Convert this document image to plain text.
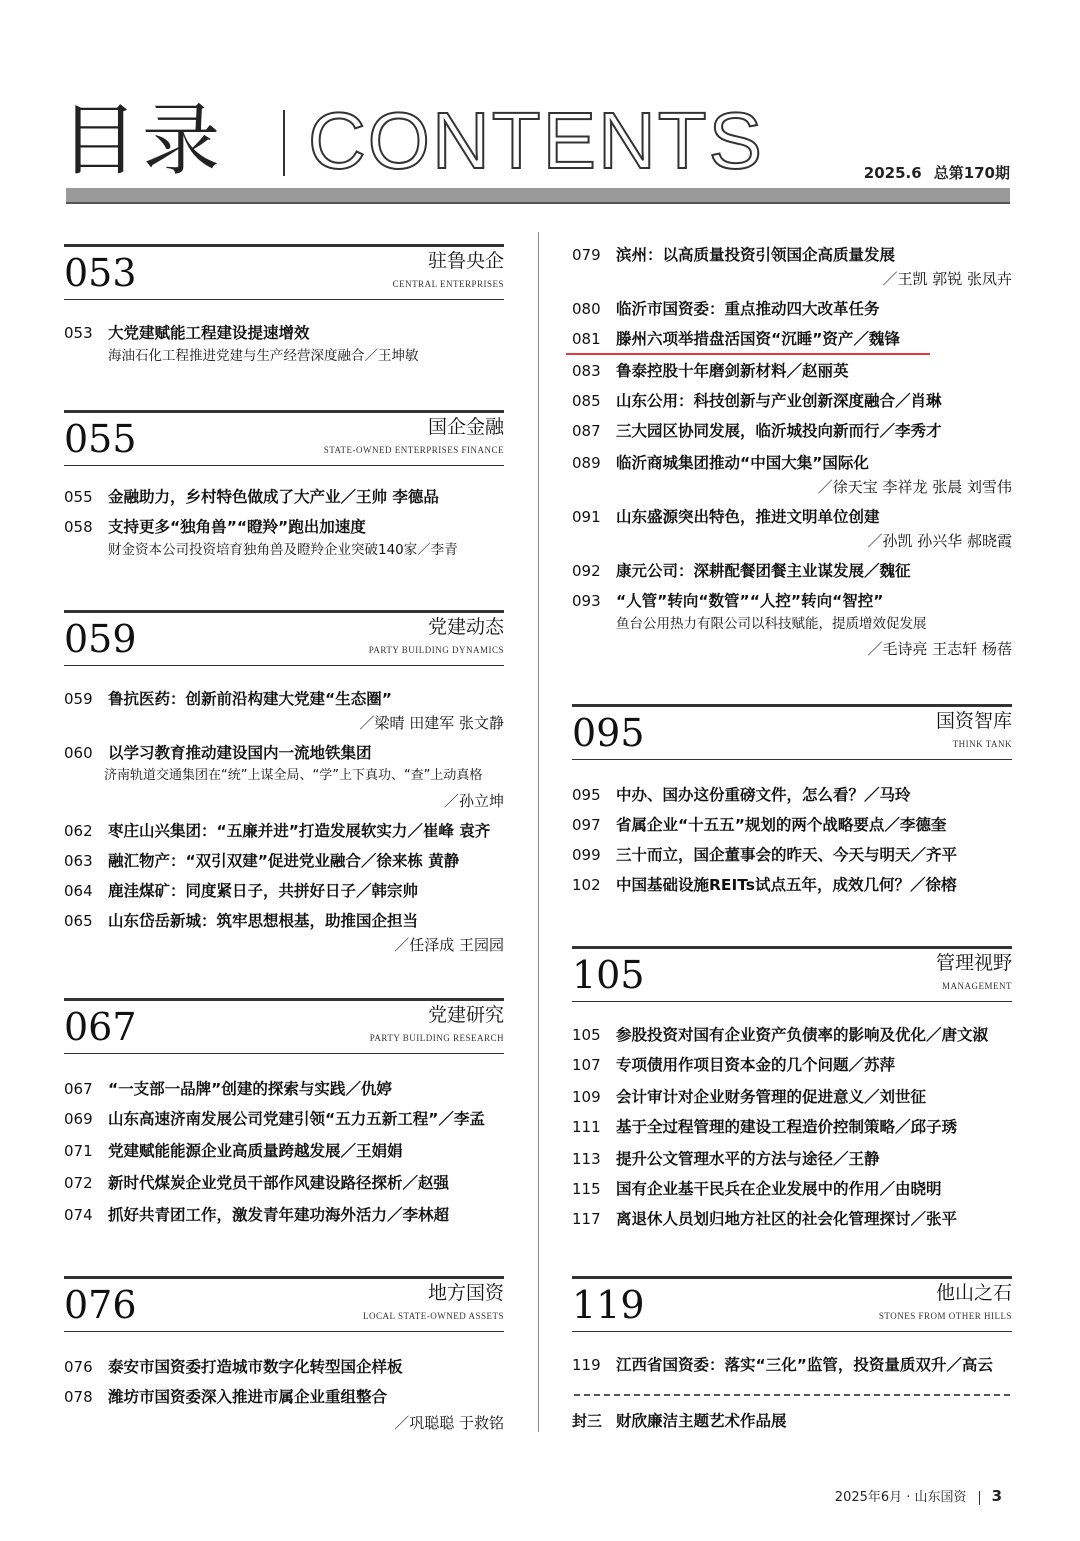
目录 CONTENTS	2025.6 总第170期
053	驻鲁央企
CENTRAL ENTERPRISES
053 大党建赋能工程建设提速增效
海油石化工程推进党建与生产经营深度融合／王坤敏
055	国企金融
STATE-OWNED ENTERPRISES FINANCE
055 金融助力，乡村特色做成了大产业／王帅 李德品
058 支持更多“独角兽”“瞪羚”跑出加速度
财金资本公司投资培育独角兽及瞪羚企业突破140家／李青
059	党建动态
PARTY BUILDING DYNAMICS
059 鲁抗医药：创新前沿构建大党建“生态圈”
／梁晴 田建军 张文静
060 以学习教育推动建设国内一流地铁集团
济南轨道交通集团在“统”上谋全局、“学”上下真功、“查”上动真格
／孙立坤
062 枣庄山兴集团：“五廉并进”打造发展软实力／崔峰 袁齐
063 融汇物产：“双引双建”促进党业融合／徐来栋 黄静
064 鹿洼煤矿：同度紧日子，共拼好日子／韩宗帅
065 山东岱岳新城：筑牢思想根基，助推国企担当
／任泽成 王园园
067	党建研究
PARTY BUILDING RESEARCH
067 “一支部一品牌”创建的探索与实践／仇婷
069 山东高速济南发展公司党建引领“五力五新工程”／李孟
071 党建赋能能源企业高质量跨越发展／王娟娟
072 新时代煤炭企业党员干部作风建设路径探析／赵强
074 抓好共青团工作，激发青年建功海外活力／李林超
076	地方国资
LOCAL STATE-OWNED ASSETS
076 泰安市国资委打造城市数字化转型国企样板
078 潍坊市国资委深入推进市属企业重组整合
／巩聪聪 于救铭
079 滨州：以高质量投资引领国企高质量发展
／王凯 郭锐 张凤卉
080 临沂市国资委：重点推动四大改革任务
081 滕州六项举措盘活国资“沉睡”资产／魏锋
083 鲁泰控股十年磨剑新材料／赵丽英
085 山东公用：科技创新与产业创新深度融合／肖琳
087 三大园区协同发展，临沂城投向新而行／李秀才
089 临沂商城集团推动“中国大集”国际化
／徐天宝 李祥龙 张晨 刘雪伟
091 山东盛源突出特色，推进文明单位创建
／孙凯 孙兴华 郝晓霞
092 康元公司：深耕配餐团餐主业谋发展／魏征
093 “人管”转向“数管”“人控”转向“智控”
鱼台公用热力有限公司以科技赋能，提质增效促发展
／毛诗亮 王志轩 杨蓓
095	国资智库
THINK TANK
095 中办、国办这份重磅文件，怎么看？／马玲
097 省属企业“十五五”规划的两个战略要点／李德奎
099 三十而立，国企董事会的昨天、今天与明天／齐平
102 中国基础设施REITs试点五年，成效几何？／徐榕
105	管理视野
MANAGEMENT
105 参股投资对国有企业资产负债率的影响及优化／唐文淑
107 专项债用作项目资本金的几个问题／苏萍
109 会计审计对企业财务管理的促进意义／刘世征
111 基于全过程管理的建设工程造价控制策略／邱子琇
113 提升公文管理水平的方法与途径／王静
115 国有企业基干民兵在企业发展中的作用／由晓明
117 离退休人员划归地方社区的社会化管理探讨／张平
119	他山之石
STONES FROM OTHER HILLS
119 江西省国资委：落实“三化”监管，投资量质双升／高云
封三 财欣廉洁主题艺术作品展
2025年6月 · 山东国资 3
